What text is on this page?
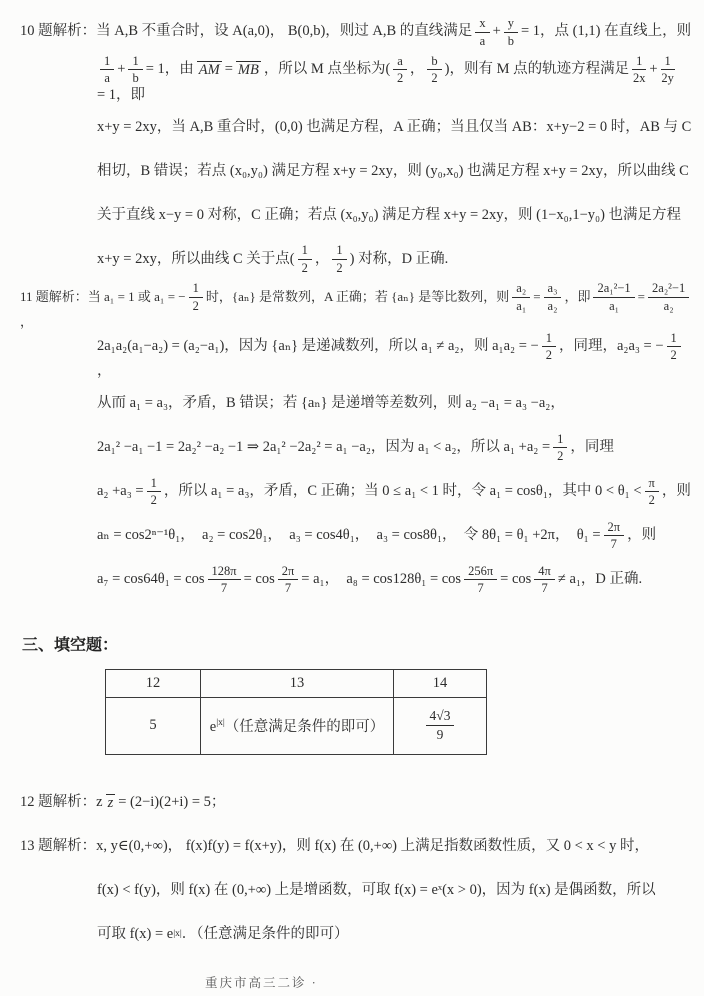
10 题解析：当 A,B 不重合时，设 A(a,0)， B(0,b)，则过 A,B 的直线满足 $\frac{x}{a} + \frac{y}{b} = 1$，点 (1,1) 在直线上，则
$\frac{1}{a} + \frac{1}{b} = 1$，由 AM = MB ，所以 M 点坐标为( $\frac{a}{2}$ ， $\frac{b}{2}$ )，则有 M 点的轨迹方程满足 $\frac{1}{2x} + \frac{1}{2y}$
= 1，即
x+y = 2xy，当 A,B 重合时，(0,0) 也满足方程，A 正确；当且仅当 AB：x+y−2 = 0 时，AB 与 C
相切，B 错误；若点 (x₀,y₀) 满足方程 x+y = 2xy，则 (y₀,x₀) 也满足方程 x+y = 2xy，所以曲线 C
关于直线 x−y = 0 对称，C 正确；若点 (x₀,y₀) 满足方程 x+y = 2xy，则 (1−x₀,1−y₀) 也满足方程
x+y = 2xy，所以曲线 C 关于点( $\frac{1}{2}$ ， $\frac{1}{2}$ ) 对称，D 正确.
11 题解析：当 a₁ = 1 或 a₁ = − $\frac{1}{2}$ 时，{aₙ} 是常数列，A 正确；若 {aₙ} 是等比数列，则 $\frac{\text{a₂}}{\text{a₁}} = \frac{\text{a₃}}{\text{a₂}}$ ，即 $\frac{\text{2a₁²−1}}{\text{a₁}} = \frac{\text{2a₂²−1}}{\text{a₂}}$
，
2a₁a₂(a₁−a₂) = (a₂−a₁)，因为 {aₙ} 是递减数列，所以 a₁ ≠ a₂，则 a₁a₂ = − $\frac{1}{2}$ ，同理，a₂a₃ = − $\frac{1}{2}$
，
从而 a₁ = a₃，矛盾，B 错误；若 {aₙ} 是递增等差数列，则 a₂ −a₁ = a₃ −a₂，
2a₁² −a₁ −1 = 2a₂² −a₂ −1 ⇒ 2a₁² −2a₂² = a₁ −a₂，因为 a₁ < a₂，所以 $a_1 +a_2 = \frac{1}{2}$ ，同理
$a_2 +a_3 = \frac{1}{2}$ ，所以 a₁ = a₃，矛盾，C 正确；当 0 ≤ a₁ < 1 时，令 a₁ = cosθ₁，其中 $0 < \theta_1 < \frac{\pi}{2}$ ，则
aₙ = cos2ⁿ⁻¹θ₁，  a₂ = cos2θ₁，  a₃ = cos4θ₁，  a₃ = cos8θ₁，  令 8θ₁ = θ₁ +2π，  $\theta_1 = \frac{2\pi}{7}$ ，则
$a_7 = \cos 64\theta_1 = \cos \frac{128\pi}{7} = \cos \frac{2\pi}{7} = a_1$，  $a_8 = \cos 128\theta_1 = \cos \frac{256\pi}{7} = \cos \frac{4\pi}{7} \ne a_1$，D 正确.
三、填空题：
12	13	14
5	$e^{|x|}$（任意满足条件的即可）	$\frac{4√3}{9}$
12 题解析：z z = (2−i)(2+i) = 5；
13 题解析：x, y∈(0,+∞)， f(x)f(y) = f(x+y)，则 f(x) 在 (0,+∞) 上满足指数函数性质，又 0 < x < y 时，
f(x) < f(y)，则 f(x) 在 (0,+∞) 上是增函数，可取 f(x) = eˣ(x > 0)，因为 f(x) 是偶函数，所以
可取 f(x) = e |x| ．（任意满足条件的即可）
重庆市高三二诊 ·
